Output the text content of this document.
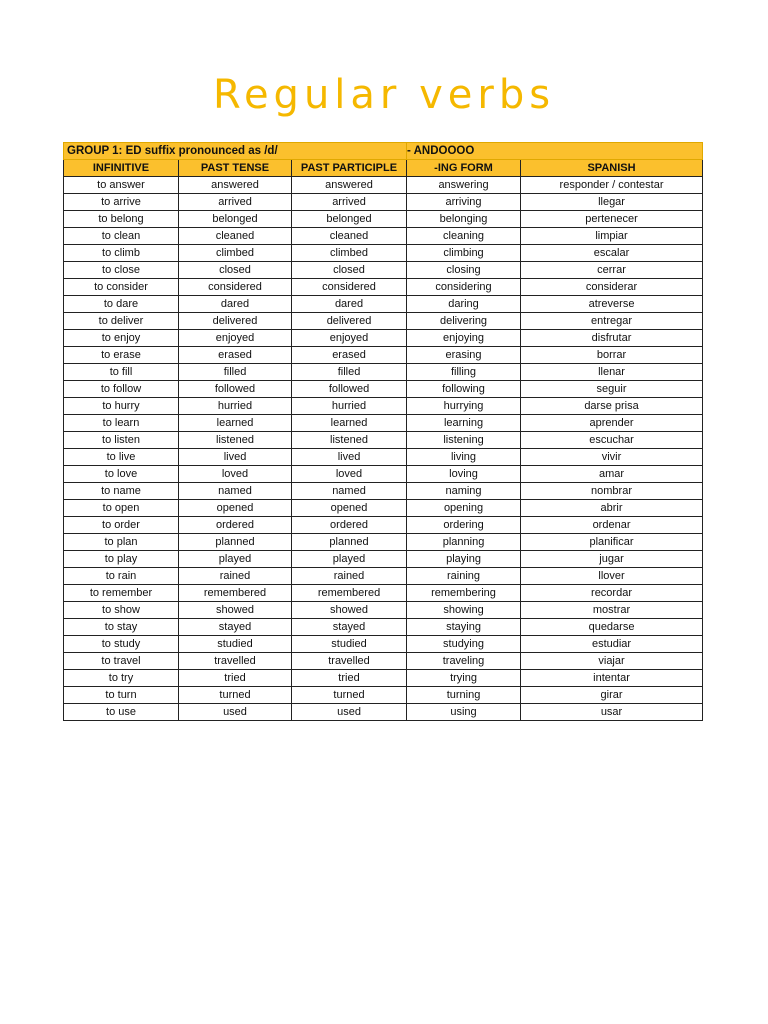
Regular verbs
GROUP 1: ED suffix pronounced as /d/			- ANDOOOO	
INFINITIVE	PAST TENSE	PAST PARTICIPLE	-ING FORM	SPANISH
to answer	answered	answered	answering	responder / contestar
to arrive	arrived	arrived	arriving	llegar
to belong	belonged	belonged	belonging	pertenecer
to clean	cleaned	cleaned	cleaning	limpiar
to climb	climbed	climbed	climbing	escalar
to close	closed	closed	closing	cerrar
to consider	considered	considered	considering	considerar
to dare	dared	dared	daring	atreverse
to deliver	delivered	delivered	delivering	entregar
to enjoy	enjoyed	enjoyed	enjoying	disfrutar
to erase	erased	erased	erasing	borrar
to fill	filled	filled	filling	llenar
to follow	followed	followed	following	seguir
to hurry	hurried	hurried	hurrying	darse prisa
to learn	learned	learned	learning	aprender
to listen	listened	listened	listening	escuchar
to live	lived	lived	living	vivir
to love	loved	loved	loving	amar
to name	named	named	naming	nombrar
to open	opened	opened	opening	abrir
to order	ordered	ordered	ordering	ordenar
to plan	planned	planned	planning	planificar
to play	played	played	playing	jugar
to rain	rained	rained	raining	llover
to remember	remembered	remembered	remembering	recordar
to show	showed	showed	showing	mostrar
to stay	stayed	stayed	staying	quedarse
to study	studied	studied	studying	estudiar
to travel	travelled	travelled	traveling	viajar
to try	tried	tried	trying	intentar
to turn	turned	turned	turning	girar
to use	used	used	using	usar
